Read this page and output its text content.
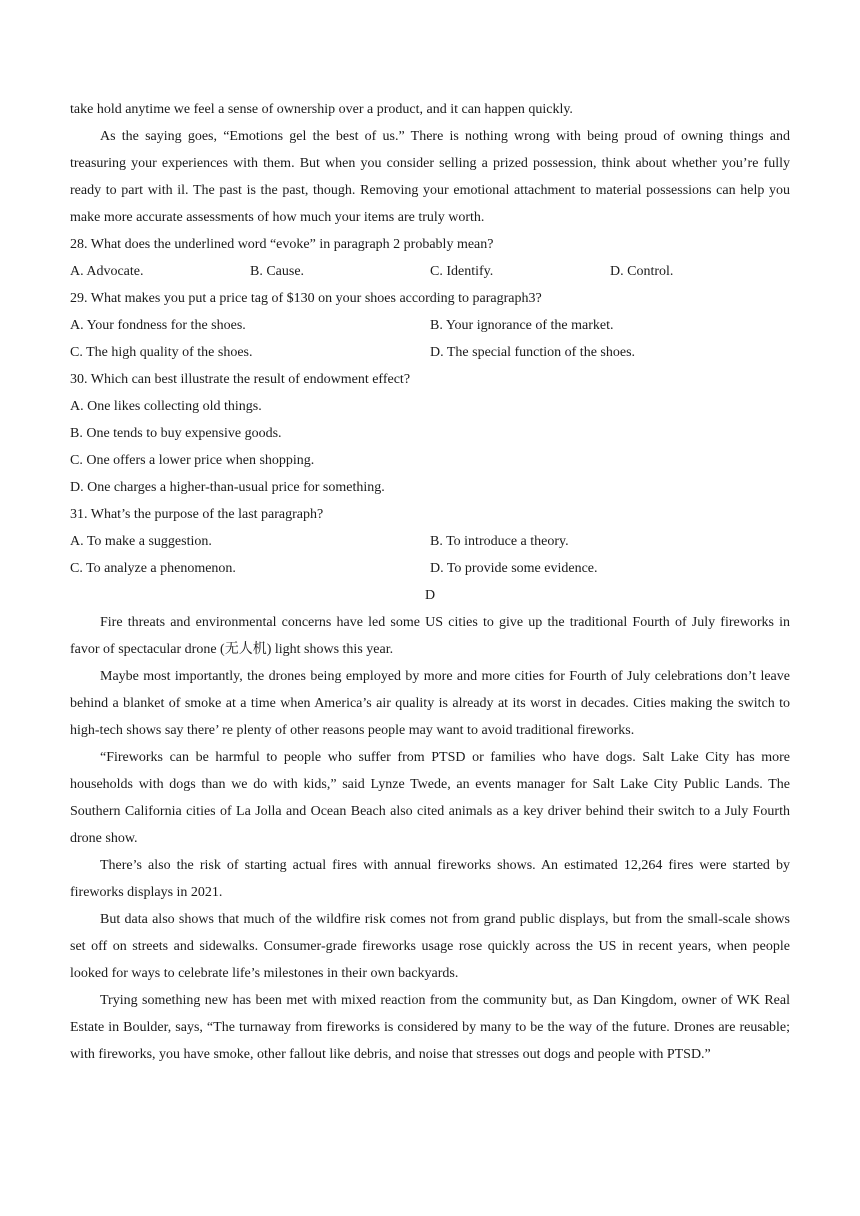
take hold anytime we feel a sense of ownership over a product, and it can happen quickly.

As the saying goes, “Emotions gel the best of us.” There is nothing wrong with being proud of owning things and treasuring your experiences with them. But when you consider selling a prized possession, think about whether you’re fully ready to part with il. The past is the past, though. Removing your emotional attachment to material possessions can help you make more accurate assessments of how much your items are truly worth.

28. What does the underlined word “evoke” in paragraph 2 probably mean?

A. Advocate.	B. Cause.	C. Identify.	D. Control.

29. What makes you put a price tag of $130 on your shoes according to paragraph3?

A. Your fondness for the shoes.	B. Your ignorance of the market.
C. The high quality of the shoes.	D. The special function of the shoes.

30. Which can best illustrate the result of endowment effect?

A. One likes collecting old things.

B. One tends to buy expensive goods.

C. One offers a lower price when shopping.

D. One charges a higher-than-usual price for something.

31. What’s the purpose of the last paragraph?

A. To make a suggestion.	B. To introduce a theory.
C. To analyze a phenomenon.	D. To provide some evidence.

D

Fire threats and environmental concerns have led some US cities to give up the traditional Fourth of July fireworks in favor of spectacular drone (无人机) light shows this year.

Maybe most importantly, the drones being employed by more and more cities for Fourth of July celebrations don’t leave behind a blanket of smoke at a time when America’s air quality is already at its worst in decades. Cities making the switch to high-tech shows say there’ re plenty of other reasons people may want to avoid traditional fireworks.

“Fireworks can be harmful to people who suffer from PTSD or families who have dogs. Salt Lake City has more households with dogs than we do with kids,” said Lynze Twede, an events manager for Salt Lake City Public Lands. The Southern California cities of La Jolla and Ocean Beach also cited animals as a key driver behind their switch to a July Fourth drone show.

There’s also the risk of starting actual fires with annual fireworks shows. An estimated 12,264 fires were started by fireworks displays in 2021.

But data also shows that much of the wildfire risk comes not from grand public displays, but from the small-scale shows set off on streets and sidewalks. Consumer-grade fireworks usage rose quickly across the US in recent years, when people looked for ways to celebrate life’s milestones in their own backyards.

Trying something new has been met with mixed reaction from the community but, as Dan Kingdom, owner of WK Real Estate in Boulder, says, “The turnaway from fireworks is considered by many to be the way of the future. Drones are reusable; with fireworks, you have smoke, other fallout like debris, and noise that stresses out dogs and people with PTSD.”
